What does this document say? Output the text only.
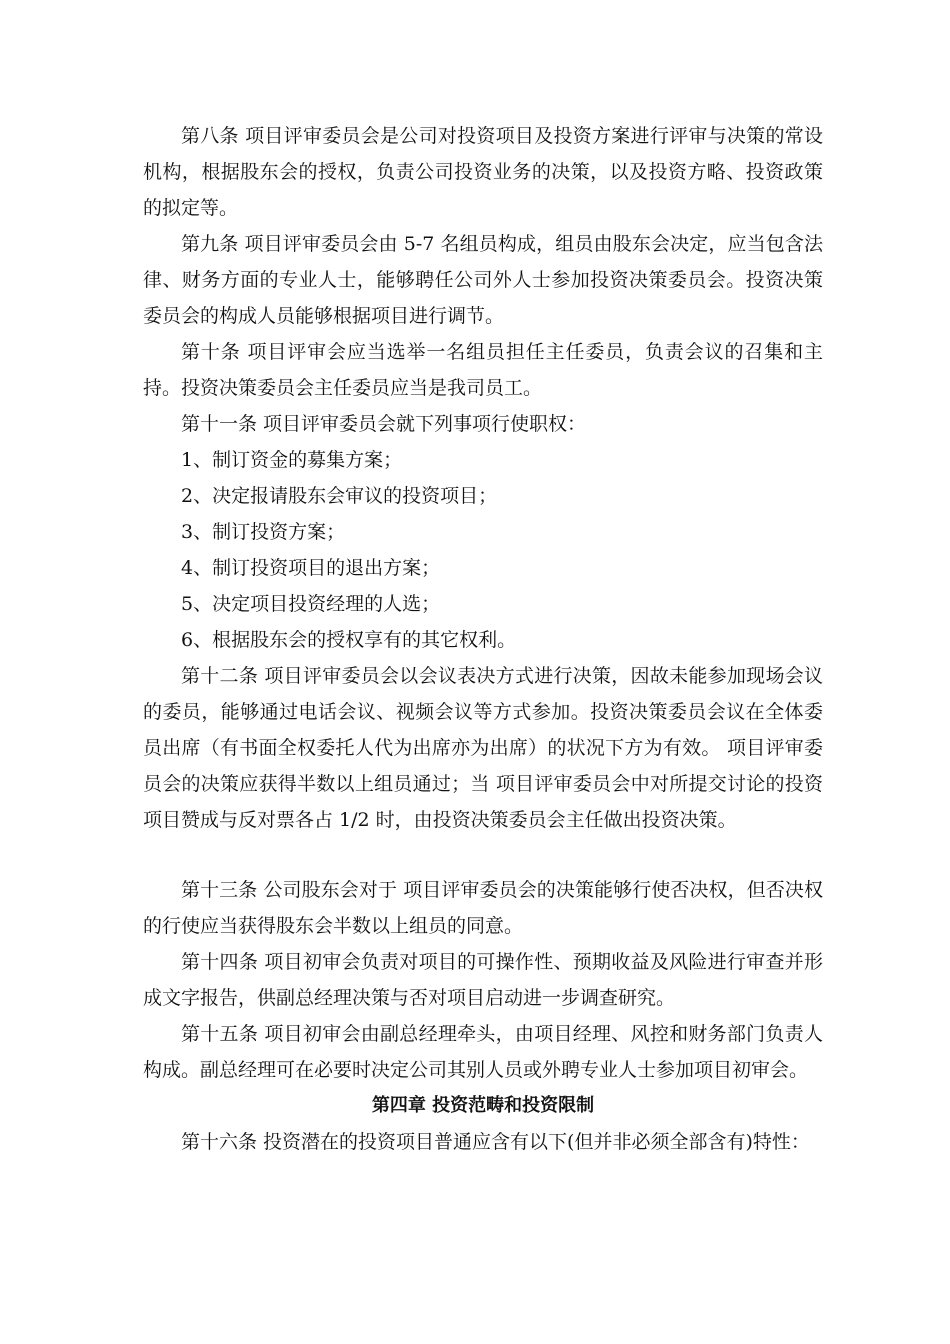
第八条 项目评审委员会是公司对投资项目及投资方案进行评审与决策的常设机构，根据股东会的授权，负责公司投资业务的决策，以及投资方略、投资政策的拟定等。

第九条 项目评审委员会由 5-7 名组员构成，组员由股东会决定，应当包含法律、财务方面的专业人士，能够聘任公司外人士参加投资决策委员会。投资决策委员会的构成人员能够根据项目进行调节。

第十条 项目评审会应当选举一名组员担任主任委员，负责会议的召集和主持。投资决策委员会主任委员应当是我司员工。

第十一条 项目评审委员会就下列事项行使职权：

1、制订资金的募集方案；

2、决定报请股东会审议的投资项目；

3、制订投资方案；

4、制订投资项目的退出方案；

5、决定项目投资经理的人选；

6、根据股东会的授权享有的其它权利。

第十二条 项目评审委员会以会议表决方式进行决策，因故未能参加现场会议的委员，能够通过电话会议、视频会议等方式参加。投资决策委员会议在全体委员出席（有书面全权委托人代为出席亦为出席）的状况下方为有效。 项目评审委员会的决策应获得半数以上组员通过；当 项目评审委员会中对所提交讨论的投资项目赞成与反对票各占 1/2 时，由投资决策委员会主任做出投资决策。

第十三条 公司股东会对于 项目评审委员会的决策能够行使否决权，但否决权的行使应当获得股东会半数以上组员的同意。

第十四条 项目初审会负责对项目的可操作性、预期收益及风险进行审查并形成文字报告，供副总经理决策与否对项目启动进一步调查研究。

第十五条 项目初审会由副总经理牵头，由项目经理、风控和财务部门负责人构成。副总经理可在必要时决定公司其别人员或外聘专业人士参加项目初审会。

第四章 投资范畴和投资限制

第十六条 投资潜在的投资项目普通应含有以下(但并非必须全部含有)特性：
